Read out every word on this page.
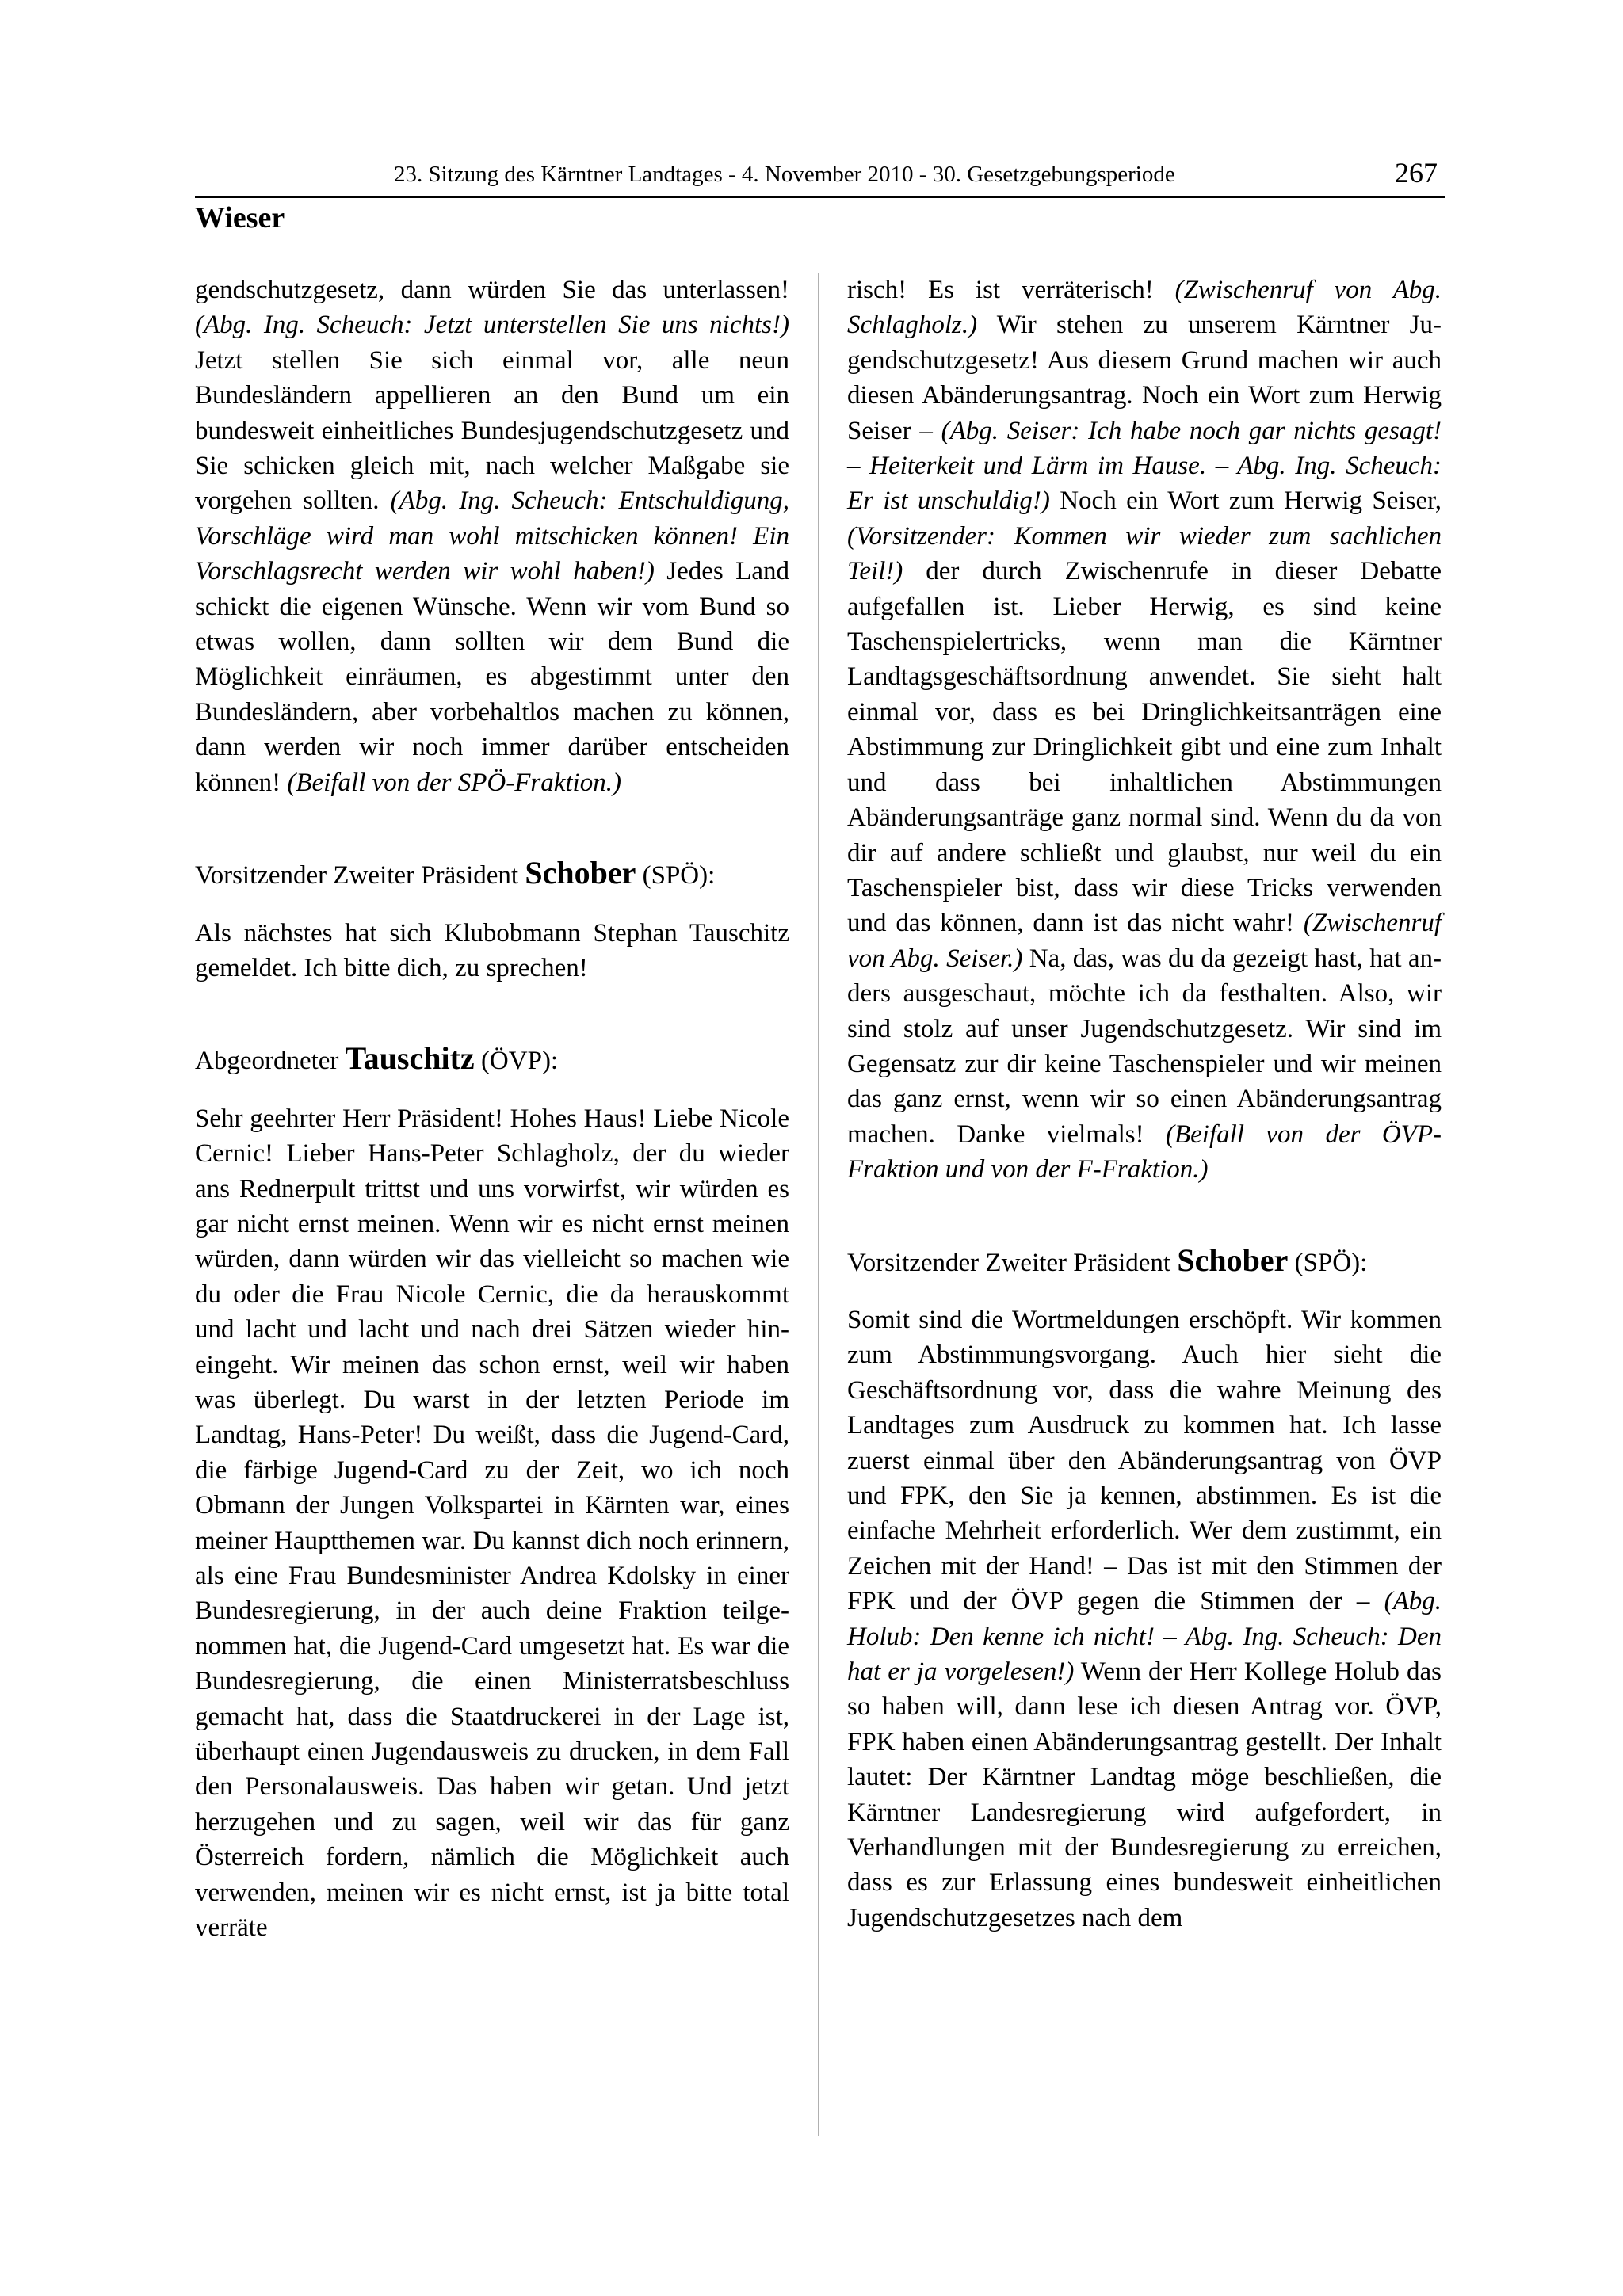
23. Sitzung des Kärntner Landtages - 4. November 2010 - 30. Gesetzgebungsperiode	267
Wieser

gendschutzgesetz, dann würden Sie das unterlassen! (Abg. Ing. Scheuch: Jetzt unterstellen Sie uns nichts!) Jetzt stellen Sie sich einmal vor, alle neun Bundesländern appellieren an den Bund um ein bundesweit einheitliches Bundesjugendschutzgesetz und Sie schicken gleich mit, nach welcher Maßgabe sie vorgehen sollten. (Abg. Ing. Scheuch: Entschuldigung, Vorschläge wird man wohl mitschicken können! Ein Vorschlagsrecht werden wir wohl haben!) Jedes Land schickt die eigenen Wünsche. Wenn wir vom Bund so etwas wollen, dann sollten wir dem Bund die Möglichkeit einräumen, es abgestimmt unter den Bundesländern, aber vorbehaltlos machen zu können, dann werden wir noch immer darüber entscheiden können! (Beifall von der SPÖ-Fraktion.)

Vorsitzender Zweiter Präsident Schober (SPÖ):

Als nächstes hat sich Klubobmann Stephan Tauschitz gemeldet. Ich bitte dich, zu sprechen!

Abgeordneter Tauschitz (ÖVP):

Sehr geehrter Herr Präsident! Hohes Haus! Liebe Nicole Cernic! Lieber Hans-Peter Schlagholz, der du wieder ans Rednerpult trittst und uns vorwirfst, wir würden es gar nicht ernst meinen. Wenn wir es nicht ernst meinen würden, dann würden wir das vielleicht so machen wie du oder die Frau Nicole Cernic, die da herauskommt und lacht und lacht und nach drei Sätzen wieder hineingeht. Wir meinen das schon ernst, weil wir haben was überlegt. Du warst in der letzten Periode im Landtag, Hans-Peter! Du weißt, dass die Jugend-Card, die färbige Jugend-Card zu der Zeit, wo ich noch Obmann der Jungen Volkspartei in Kärnten war, eines meiner Hauptthemen war. Du kannst dich noch erinnern, als eine Frau Bundesminister Andrea Kdolsky in einer Bundesregierung, in der auch deine Fraktion teilgenommen hat, die Jugend-Card umgesetzt hat. Es war die Bundesregierung, die einen Ministerratsbeschluss gemacht hat, dass die Staatdruckerei in der Lage ist, überhaupt einen Jugendausweis zu drucken, in dem Fall den Personalausweis. Das haben wir getan. Und jetzt herzugehen und zu sagen, weil wir das für ganz Österreich fordern, nämlich die Möglichkeit auch verwenden, meinen wir es nicht ernst, ist ja bitte total verräte

risch! Es ist verräterisch! (Zwischenruf von Abg. Schlagholz.) Wir stehen zu unserem Kärntner Jugendschutzgesetz! Aus diesem Grund machen wir auch diesen Abänderungsantrag. Noch ein Wort zum Herwig Seiser – (Abg. Seiser: Ich habe noch gar nichts gesagt! – Heiterkeit und Lärm im Hause. – Abg. Ing. Scheuch: Er ist unschuldig!) Noch ein Wort zum Herwig Seiser, (Vorsitzender: Kommen wir wieder zum sachlichen Teil!) der durch Zwischenrufe in dieser Debatte aufgefallen ist. Lieber Herwig, es sind keine Taschenspielertricks, wenn man die Kärntner Landtagsgeschäftsordnung anwendet. Sie sieht halt einmal vor, dass es bei Dringlichkeitsanträgen eine Abstimmung zur Dringlichkeit gibt und eine zum Inhalt und dass bei inhaltlichen Abstimmungen Abänderungsanträge ganz normal sind. Wenn du da von dir auf andere schließt und glaubst, nur weil du ein Taschenspieler bist, dass wir diese Tricks verwenden und das können, dann ist das nicht wahr! (Zwischenruf von Abg. Seiser.) Na, das, was du da gezeigt hast, hat anders ausgeschaut, möchte ich da festhalten. Also, wir sind stolz auf unser Jugendschutzgesetz. Wir sind im Gegensatz zur dir keine Taschenspieler und wir meinen das ganz ernst, wenn wir so einen Abänderungsantrag machen. Danke vielmals! (Beifall von der ÖVP-Fraktion und von der F-Fraktion.)

Vorsitzender Zweiter Präsident Schober (SPÖ):

Somit sind die Wortmeldungen erschöpft. Wir kommen zum Abstimmungsvorgang. Auch hier sieht die Geschäftsordnung vor, dass die wahre Meinung des Landtages zum Ausdruck zu kommen hat. Ich lasse zuerst einmal über den Abänderungsantrag von ÖVP und FPK, den Sie ja kennen, abstimmen. Es ist die einfache Mehrheit erforderlich. Wer dem zustimmt, ein Zeichen mit der Hand! – Das ist mit den Stimmen der FPK und der ÖVP gegen die Stimmen der – (Abg. Holub: Den kenne ich nicht! – Abg. Ing. Scheuch: Den hat er ja vorgelesen!) Wenn der Herr Kollege Holub das so haben will, dann lese ich diesen Antrag vor. ÖVP, FPK haben einen Abänderungsantrag gestellt. Der Inhalt lautet: Der Kärntner Landtag möge beschließen, die Kärntner Landesregierung wird aufgefordert, in Verhandlungen mit der Bundesregierung zu erreichen, dass es zur Erlassung eines bundesweit einheitlichen Jugendschutzgesetzes nach dem
